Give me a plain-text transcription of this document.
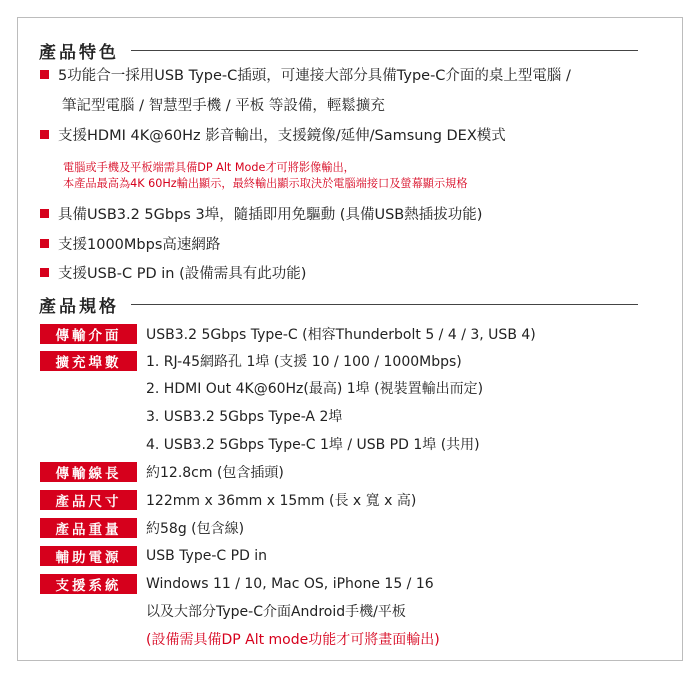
產品特色
5功能合一採用USB Type-C插頭，可連接大部分具備Type-C介面的桌上型電腦 /
筆記型電腦 / 智慧型手機 / 平板 等設備，輕鬆擴充
支援HDMI 4K@60Hz 影音輸出，支援鏡像/延伸/Samsung DEX模式
電腦或手機及平板端需具備DP Alt Mode才可將影像輸出，
本產品最高為4K 60Hz輸出顯示，最終輸出顯示取決於電腦端接口及螢幕顯示規格
具備USB3.2 5Gbps 3埠，隨插即用免驅動 (具備USB熱插拔功能)
支援1000Mbps高速網路
支援USB-C PD in (設備需具有此功能)
產品規格
傳輸介面	USB3.2 5Gbps Type-C (相容Thunderbolt 5 / 4 / 3, USB 4)
擴充埠數	1. RJ-45網路孔 1埠 (支援 10 / 100 / 1000Mbps)
2. HDMI Out 4K@60Hz(最高) 1埠 (視裝置輸出而定)
3. USB3.2 5Gbps Type-A 2埠
4. USB3.2 5Gbps Type-C 1埠 / USB PD 1埠 (共用)
傳輸線長	約12.8cm (包含插頭)
產品尺寸	122mm x 36mm x 15mm (長 x 寬 x 高)
產品重量	約58g (包含線)
輔助電源	USB Type-C PD in
支援系統	Windows 11 / 10, Mac OS, iPhone 15 / 16
以及大部分Type-C介面Android手機/平板
(設備需具備DP Alt mode功能才可將畫面輸出)
